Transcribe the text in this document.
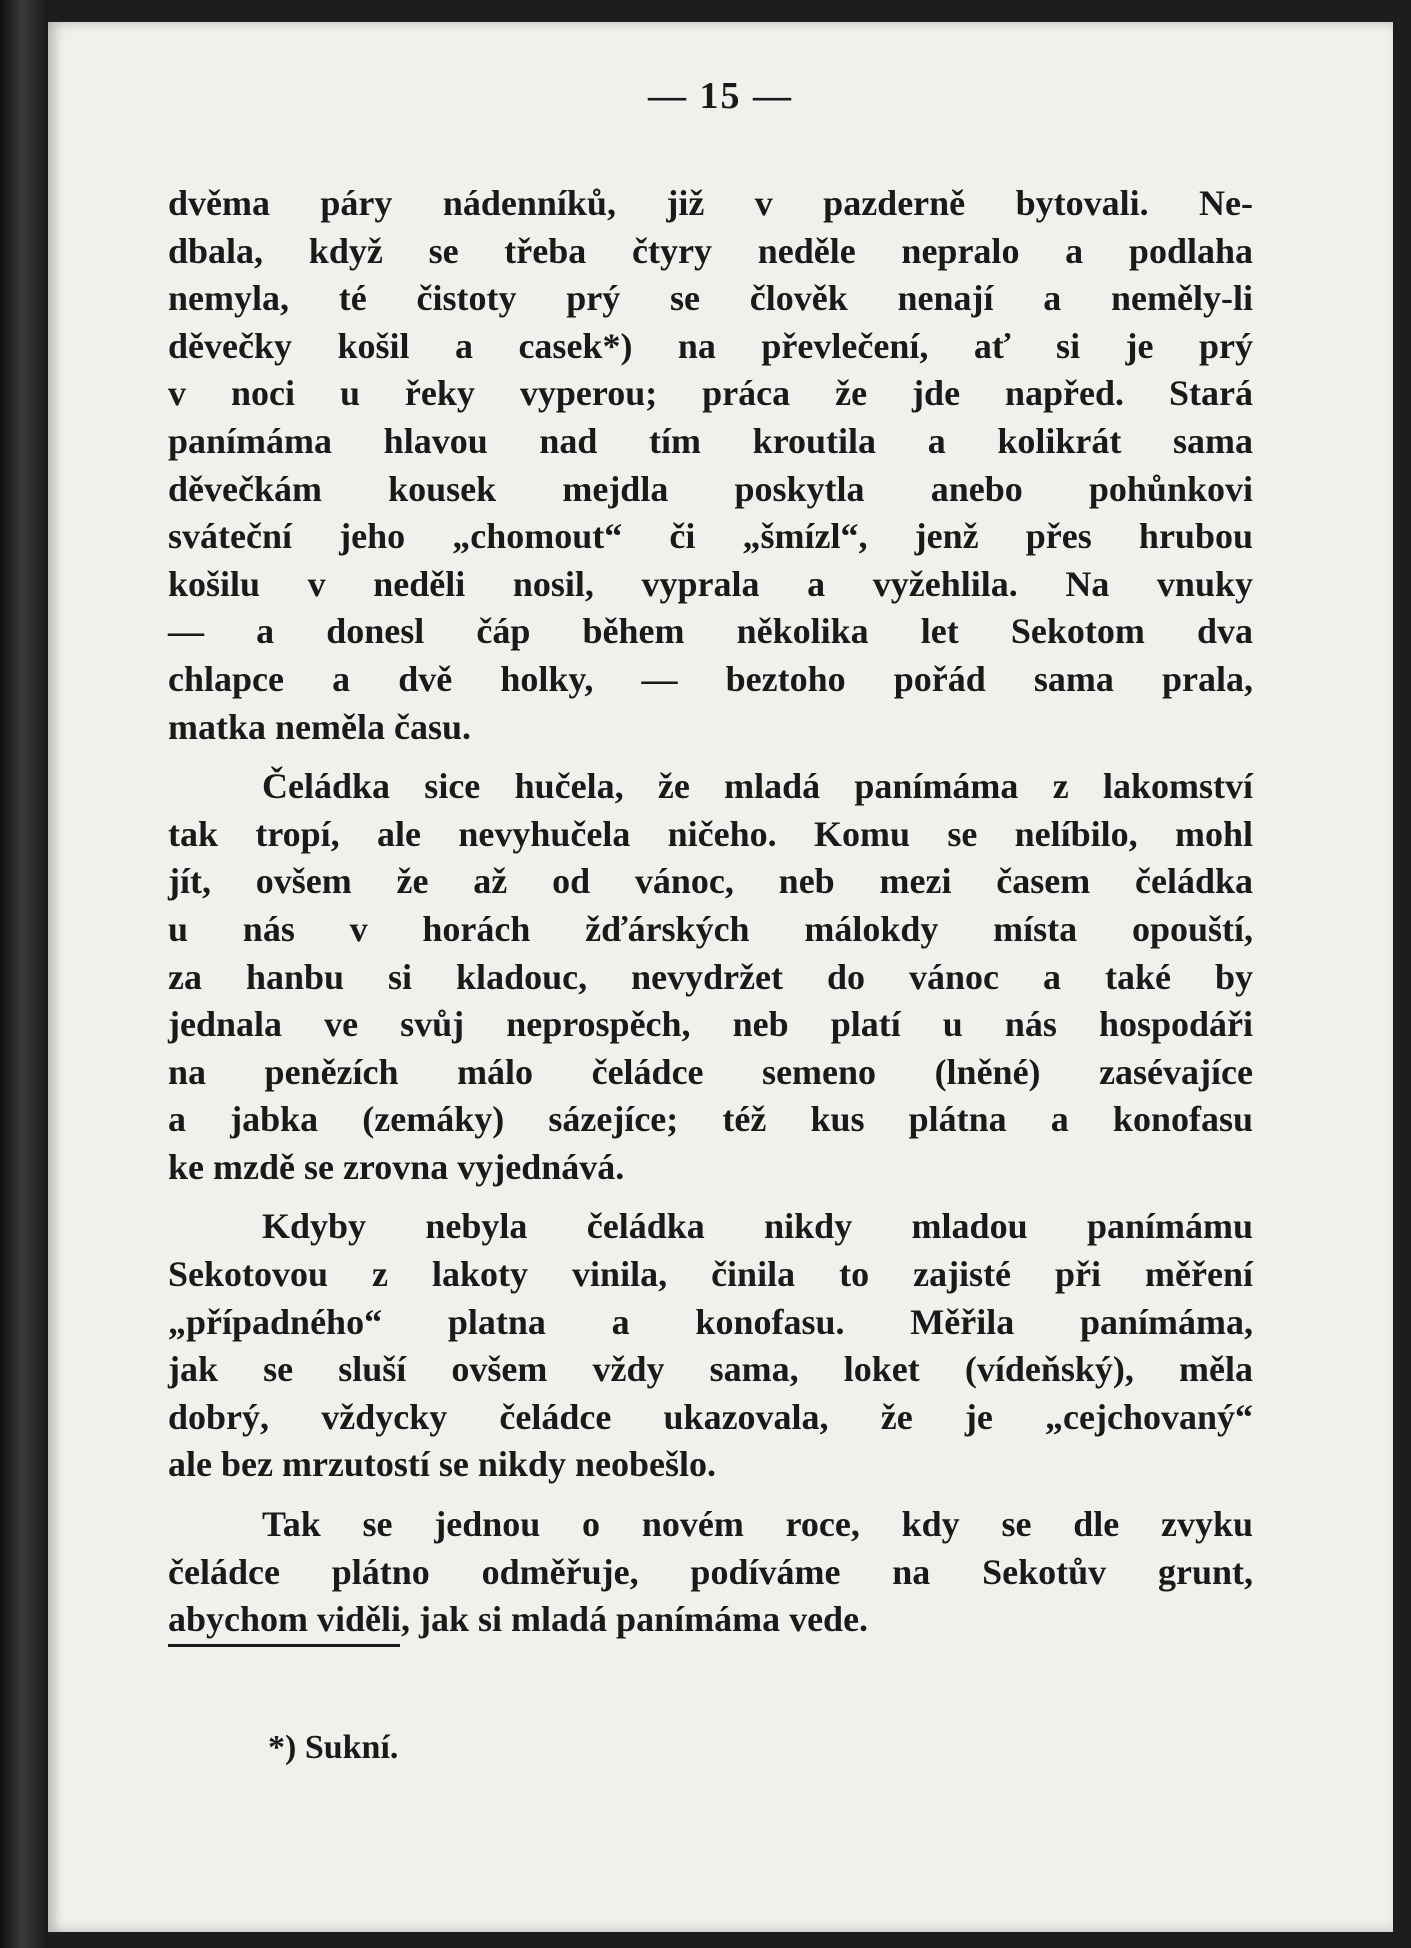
— 15 —
dvěma páry nádenníků, již v pazderně bytovali. Ne-
dbala, když se třeba čtyry neděle nepralo a podlaha
nemyla, té čistoty prý se člověk nenají a neměly-li
děvečky košil a casek*) na převlečení, ať si je prý
v noci u řeky vyperou; práca že jde napřed. Stará
panímáma hlavou nad tím kroutila a kolikrát sama
děvečkám kousek mejdla poskytla anebo pohůnkovi
sváteční jeho „chomout“ či „šmízl“, jenž přes hrubou
košilu v neděli nosil, vyprala a vyžehlila. Na vnuky
— a donesl čáp během několika let Sekotom dva
chlapce a dvě holky, — beztoho pořád sama prala,
matka neměla času.
Čeládka sice hučela, že mladá panímáma z lakomství
tak tropí, ale nevyhučela ničeho. Komu se nelíbilo, mohl
jít, ovšem že až od vánoc, neb mezi časem čeládka
u nás v horách žďárských málokdy místa opouští,
za hanbu si kladouc, nevydržet do vánoc a také by
jednala ve svůj neprospěch, neb platí u nás hospodáři
na penězích málo čeládce semeno (lněné) zasévajíce
a jabka (zemáky) sázejíce; též kus plátna a konofasu
ke mzdě se zrovna vyjednává.
Kdyby nebyla čeládka nikdy mladou panímámu
Sekotovou z lakoty vinila, činila to zajisté při měření
„případného“ platna a konofasu. Měřila panímáma,
jak se sluší ovšem vždy sama, loket (vídeňský), měla
dobrý, vždycky čeládce ukazovala, že je „cejchovaný“
ale bez mrzutostí se nikdy neobešlo.
Tak se jednou o novém roce, kdy se dle zvyku
čeládce plátno odměřuje, podíváme na Sekotův grunt,
abychom viděli, jak si mladá panímáma vede.
*) Sukní.
